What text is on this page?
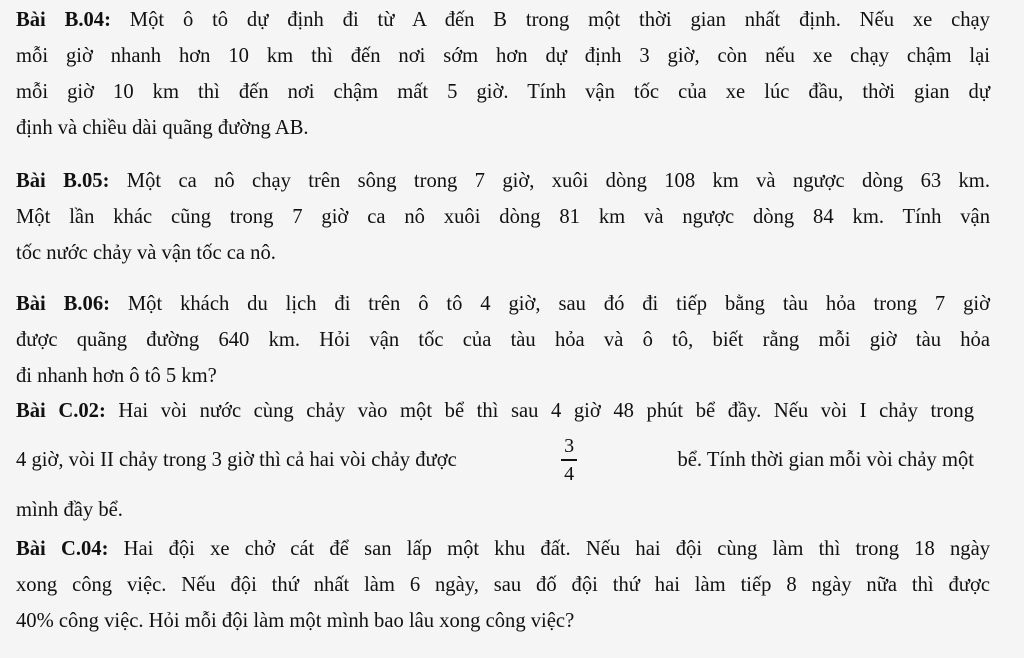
Bài B.04: Một ô tô dự định đi từ A đến B trong một thời gian nhất định. Nếu xe chạy
mỗi giờ nhanh hơn 10 km thì đến nơi sớm hơn dự định 3 giờ, còn nếu xe chạy chậm lại
mỗi giờ 10 km thì đến nơi chậm mất 5 giờ. Tính vận tốc của xe lúc đầu, thời gian dự
định và chiều dài quãng đường AB.
Bài B.05: Một ca nô chạy trên sông trong 7 giờ, xuôi dòng 108 km và ngược dòng 63 km.
Một lần khác cũng trong 7 giờ ca nô xuôi dòng 81 km và ngược dòng 84 km. Tính vận
tốc nước chảy và vận tốc ca nô.
Bài B.06: Một khách du lịch đi trên ô tô 4 giờ, sau đó đi tiếp bằng tàu hỏa trong 7 giờ
được quãng đường 640 km. Hỏi vận tốc của tàu hỏa và ô tô, biết rằng mỗi giờ tàu hỏa
đi nhanh hơn ô tô 5 km?
Bài C.02: Hai vòi nước cùng chảy vào một bể thì sau 4 giờ 48 phút bể đầy. Nếu vòi I chảy trong
4 giờ, vòi II chảy trong 3 giờ thì cả hai vòi chảy được	$\frac{3}{4}$	bể. Tính thời gian mỗi vòi chảy một
mình đầy bể.
Bài C.04: Hai đội xe chở cát để san lấp một khu đất. Nếu hai đội cùng làm thì trong 18 ngày
xong công việc. Nếu đội thứ nhất làm 6 ngày, sau đố đội thứ hai làm tiếp 8 ngày nữa thì được
40% công việc. Hỏi mỗi đội làm một mình bao lâu xong công việc?
